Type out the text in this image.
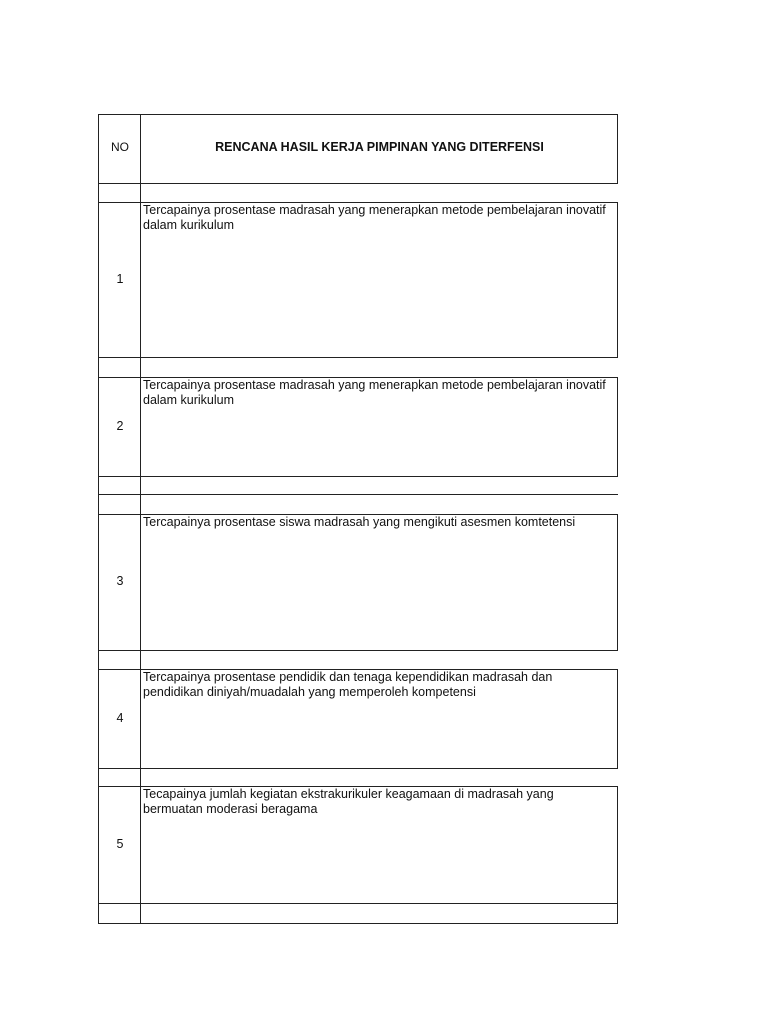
NO	RENCANA HASIL KERJA PIMPINAN YANG DITERFENSI
1
Tercapainya prosentase madrasah yang menerapkan metode pembelajaran inovatif dalam kurikulum
2
Tercapainya prosentase madrasah yang menerapkan metode pembelajaran inovatif dalam kurikulum
3
Tercapainya prosentase siswa madrasah yang mengikuti asesmen komtetensi
4
Tercapainya prosentase pendidik dan tenaga kependidikan madrasah dan pendidikan diniyah/muadalah yang memperoleh kompetensi
5
Tecapainya jumlah kegiatan ekstrakurikuler keagamaan di madrasah yang bermuatan moderasi beragama
